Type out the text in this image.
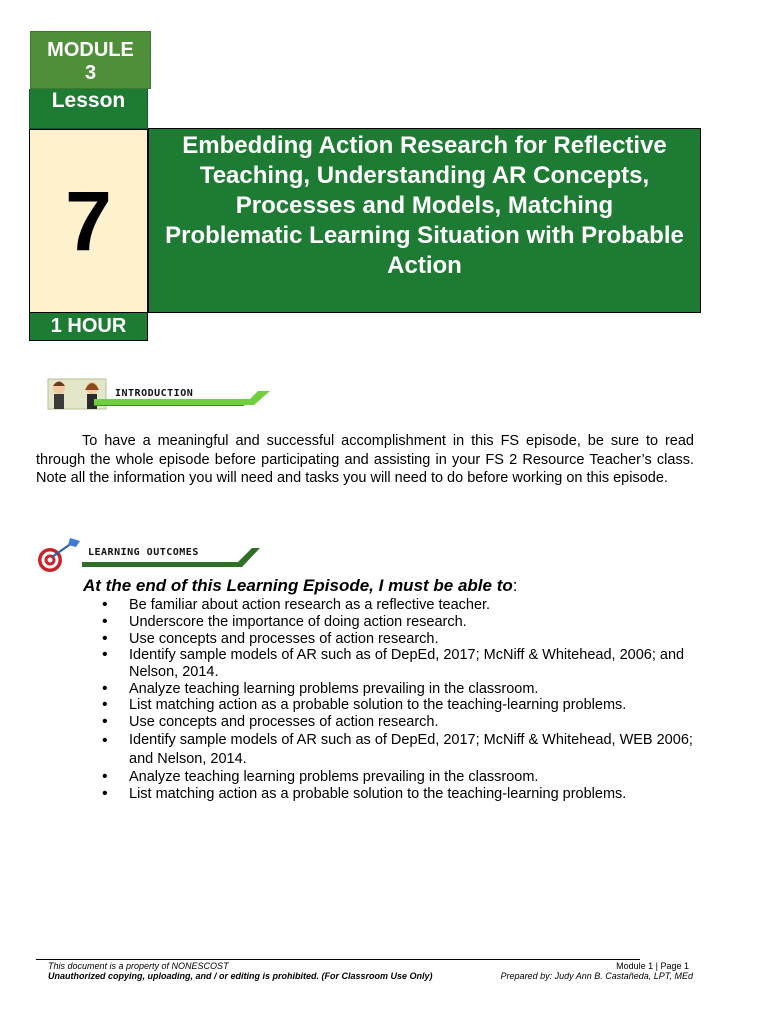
MODULE
3
Lesson
7
1 HOUR
Embedding Action Research for Reflective Teaching, Understanding AR Concepts, Processes and Models, Matching Problematic Learning Situation with Probable Action
INTRODUCTION
To have a meaningful and successful accomplishment in this FS episode, be sure to read through the whole episode before participating and assisting in your FS 2 Resource Teacher’s class. Note all the information you will need and tasks you will need to do before working on this episode.
LEARNING OUTCOMES
At the end of this Learning Episode, I must be able to:
• Be familiar about action research as a reflective teacher.
• Underscore the importance of doing action research.
• Use concepts and processes of action research.
• Identify sample models of AR such as of DepEd, 2017; McNiff & Whitehead, 2006; and Nelson, 2014.
• Analyze teaching learning problems prevailing in the classroom.
• List matching action as a probable solution to the teaching-learning problems.
• Use concepts and processes of action research.
• Identify sample models of AR such as of DepEd, 2017; McNiff & Whitehead, WEB 2006; and Nelson, 2014.
• Analyze teaching learning problems prevailing in the classroom.
• List matching action as a probable solution to the teaching-learning problems.
This document is a property of NONESCOST
Unauthorized copying, uploading, and / or editing is prohibited. (For Classroom Use Only)
Module 1 | Page 1
Prepared by: Judy Ann B. Castañeda, LPT, MEd
